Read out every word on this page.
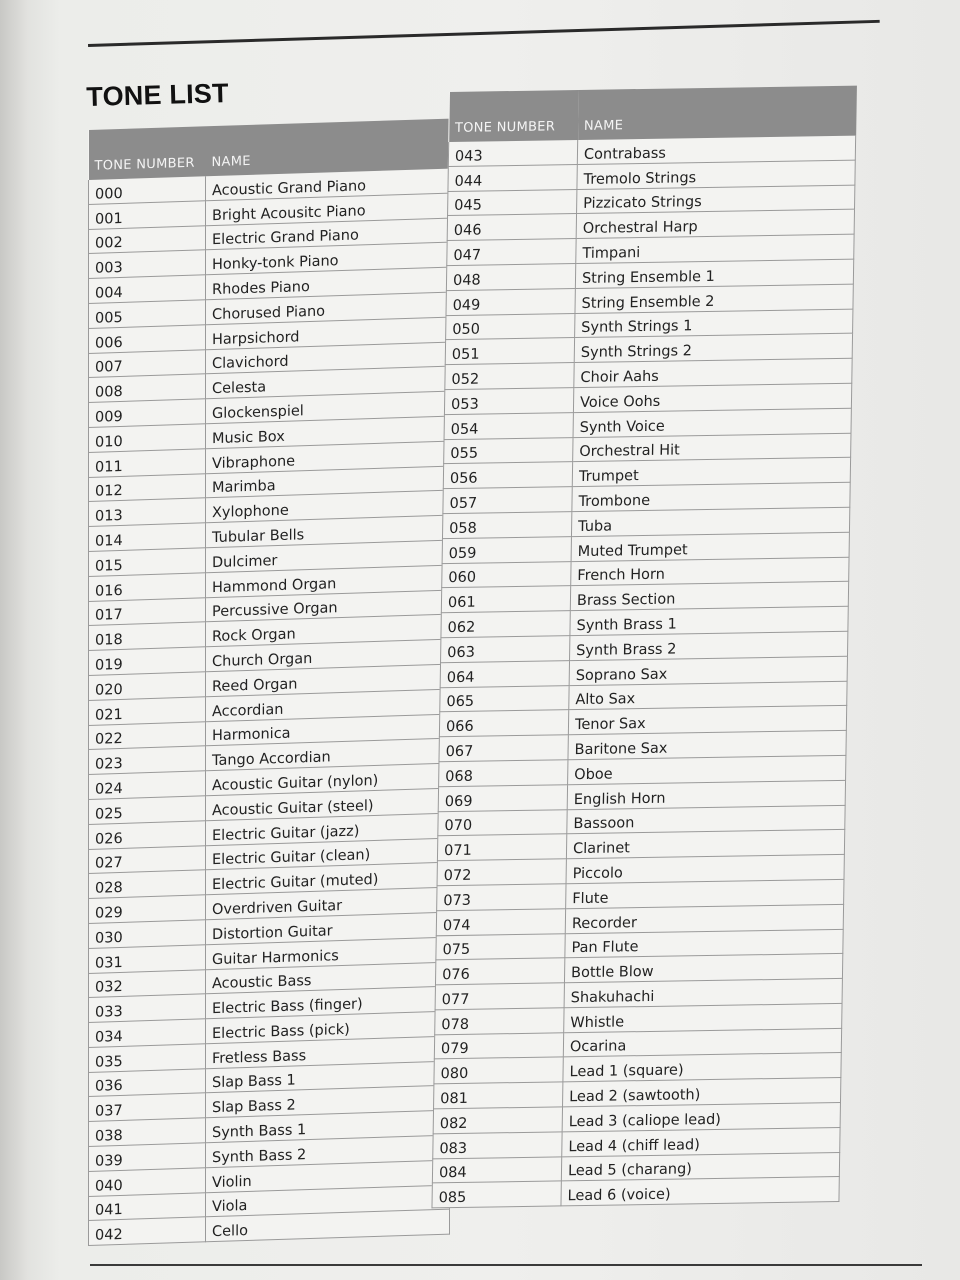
TONE LIST
TONE NUMBER	NAME
000	Acoustic Grand Piano
001	Bright Acousitc Piano
002	Electric Grand Piano
003	Honky-tonk Piano
004	Rhodes Piano
005	Chorused Piano
006	Harpsichord
007	Clavichord
008	Celesta
009	Glockenspiel
010	Music Box
011	Vibraphone
012	Marimba
013	Xylophone
014	Tubular Bells
015	Dulcimer
016	Hammond Organ
017	Percussive Organ
018	Rock Organ
019	Church Organ
020	Reed Organ
021	Accordian
022	Harmonica
023	Tango Accordian
024	Acoustic Guitar (nylon)
025	Acoustic Guitar (steel)
026	Electric Guitar (jazz)
027	Electric Guitar (clean)
028	Electric Guitar (muted)
029	Overdriven Guitar
030	Distortion Guitar
031	Guitar Harmonics
032	Acoustic Bass
033	Electric Bass (finger)
034	Electric Bass (pick)
035	Fretless Bass
036	Slap Bass 1
037	Slap Bass 2
038	Synth Bass 1
039	Synth Bass 2
040	Violin
041	Viola
042	Cello
TONE NUMBER	NAME
043	Contrabass
044	Tremolo Strings
045	Pizzicato Strings
046	Orchestral Harp
047	Timpani
048	String Ensemble 1
049	String Ensemble 2
050	Synth Strings 1
051	Synth Strings 2
052	Choir Aahs
053	Voice Oohs
054	Synth Voice
055	Orchestral Hit
056	Trumpet
057	Trombone
058	Tuba
059	Muted Trumpet
060	French Horn
061	Brass Section
062	Synth Brass 1
063	Synth Brass 2
064	Soprano Sax
065	Alto Sax
066	Tenor Sax
067	Baritone Sax
068	Oboe
069	English Horn
070	Bassoon
071	Clarinet
072	Piccolo
073	Flute
074	Recorder
075	Pan Flute
076	Bottle Blow
077	Shakuhachi
078	Whistle
079	Ocarina
080	Lead 1 (square)
081	Lead 2 (sawtooth)
082	Lead 3 (caliope lead)
083	Lead 4 (chiff lead)
084	Lead 5 (charang)
085	Lead 6 (voice)
